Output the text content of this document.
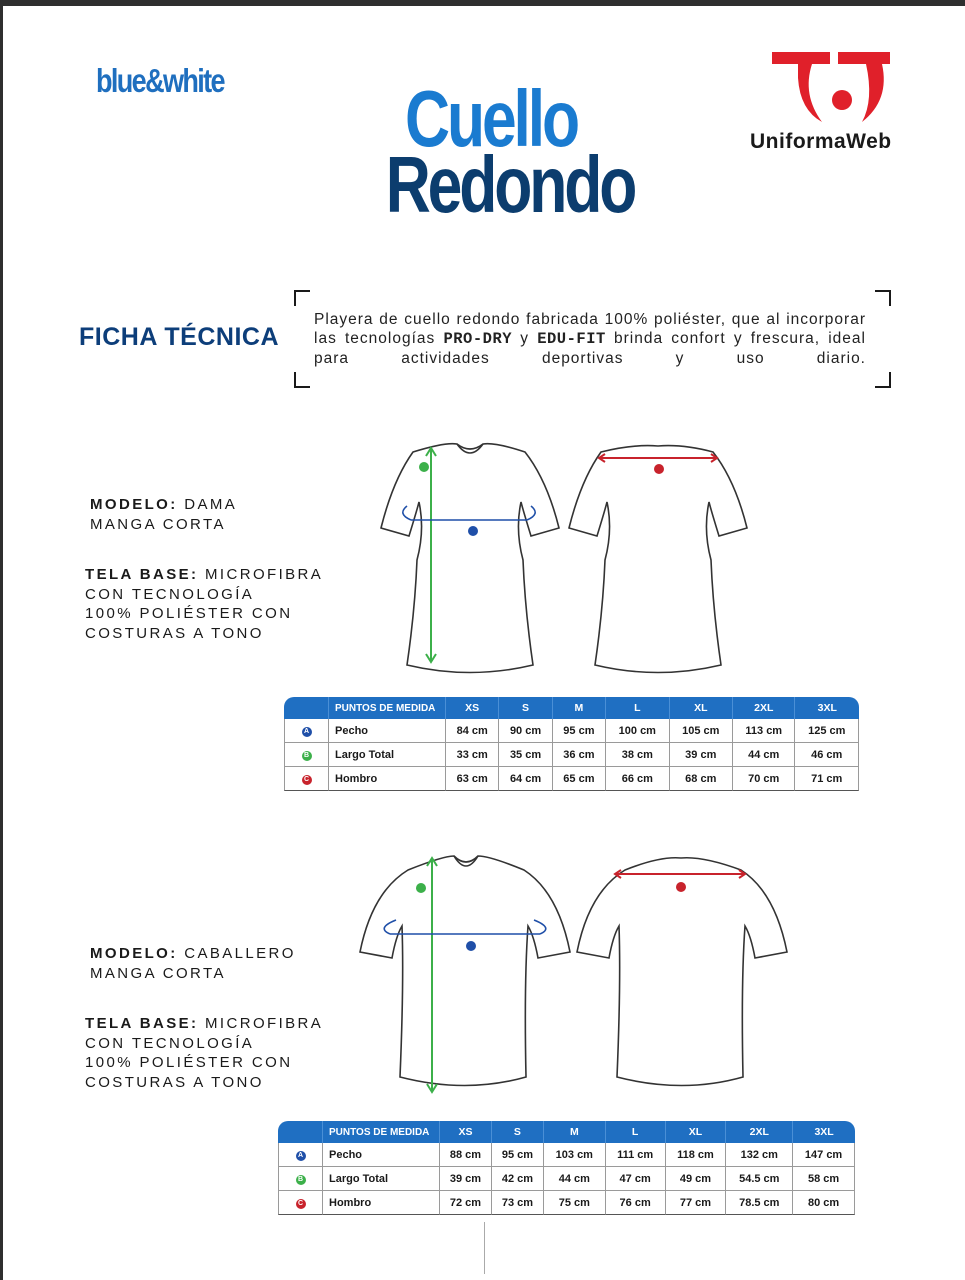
blue&white Cuello
Redondo	UniformaWeb
FICHA TÉCNICA
Playera de cuello redondo fabricada 100% poliéster, que al incorporar las tecnologías PRO-DRY y EDU-FIT brinda confort y frescura, ideal para actividades deportivas y uso diario.
MODELO: DAMA
MANGA CORTA
TELA BASE: MICROFIBRA
CON TECNOLOGÍA
100% POLIÉSTER CON
COSTURAS A TONO
	PUNTOS DE MEDIDA	XS	S	M	L	XL	2XL	3XL
A	Pecho	84 cm	90 cm	95 cm	100 cm	105 cm	113 cm	125 cm
B	Largo Total	33 cm	35 cm	36 cm	38 cm	39 cm	44 cm	46 cm
C	Hombro	63 cm	64 cm	65 cm	66 cm	68 cm	70 cm	71 cm
MODELO: CABALLERO
MANGA CORTA
TELA BASE: MICROFIBRA
CON TECNOLOGÍA
100% POLIÉSTER CON
COSTURAS A TONO
	PUNTOS DE MEDIDA	XS	S	M	L	XL	2XL	3XL
A	Pecho	88 cm	95 cm	103 cm	111 cm	118 cm	132 cm	147 cm
B	Largo Total	39 cm	42 cm	44 cm	47 cm	49 cm	54.5 cm	58 cm
C	Hombro	72 cm	73 cm	75 cm	76 cm	77 cm	78.5 cm	80 cm
